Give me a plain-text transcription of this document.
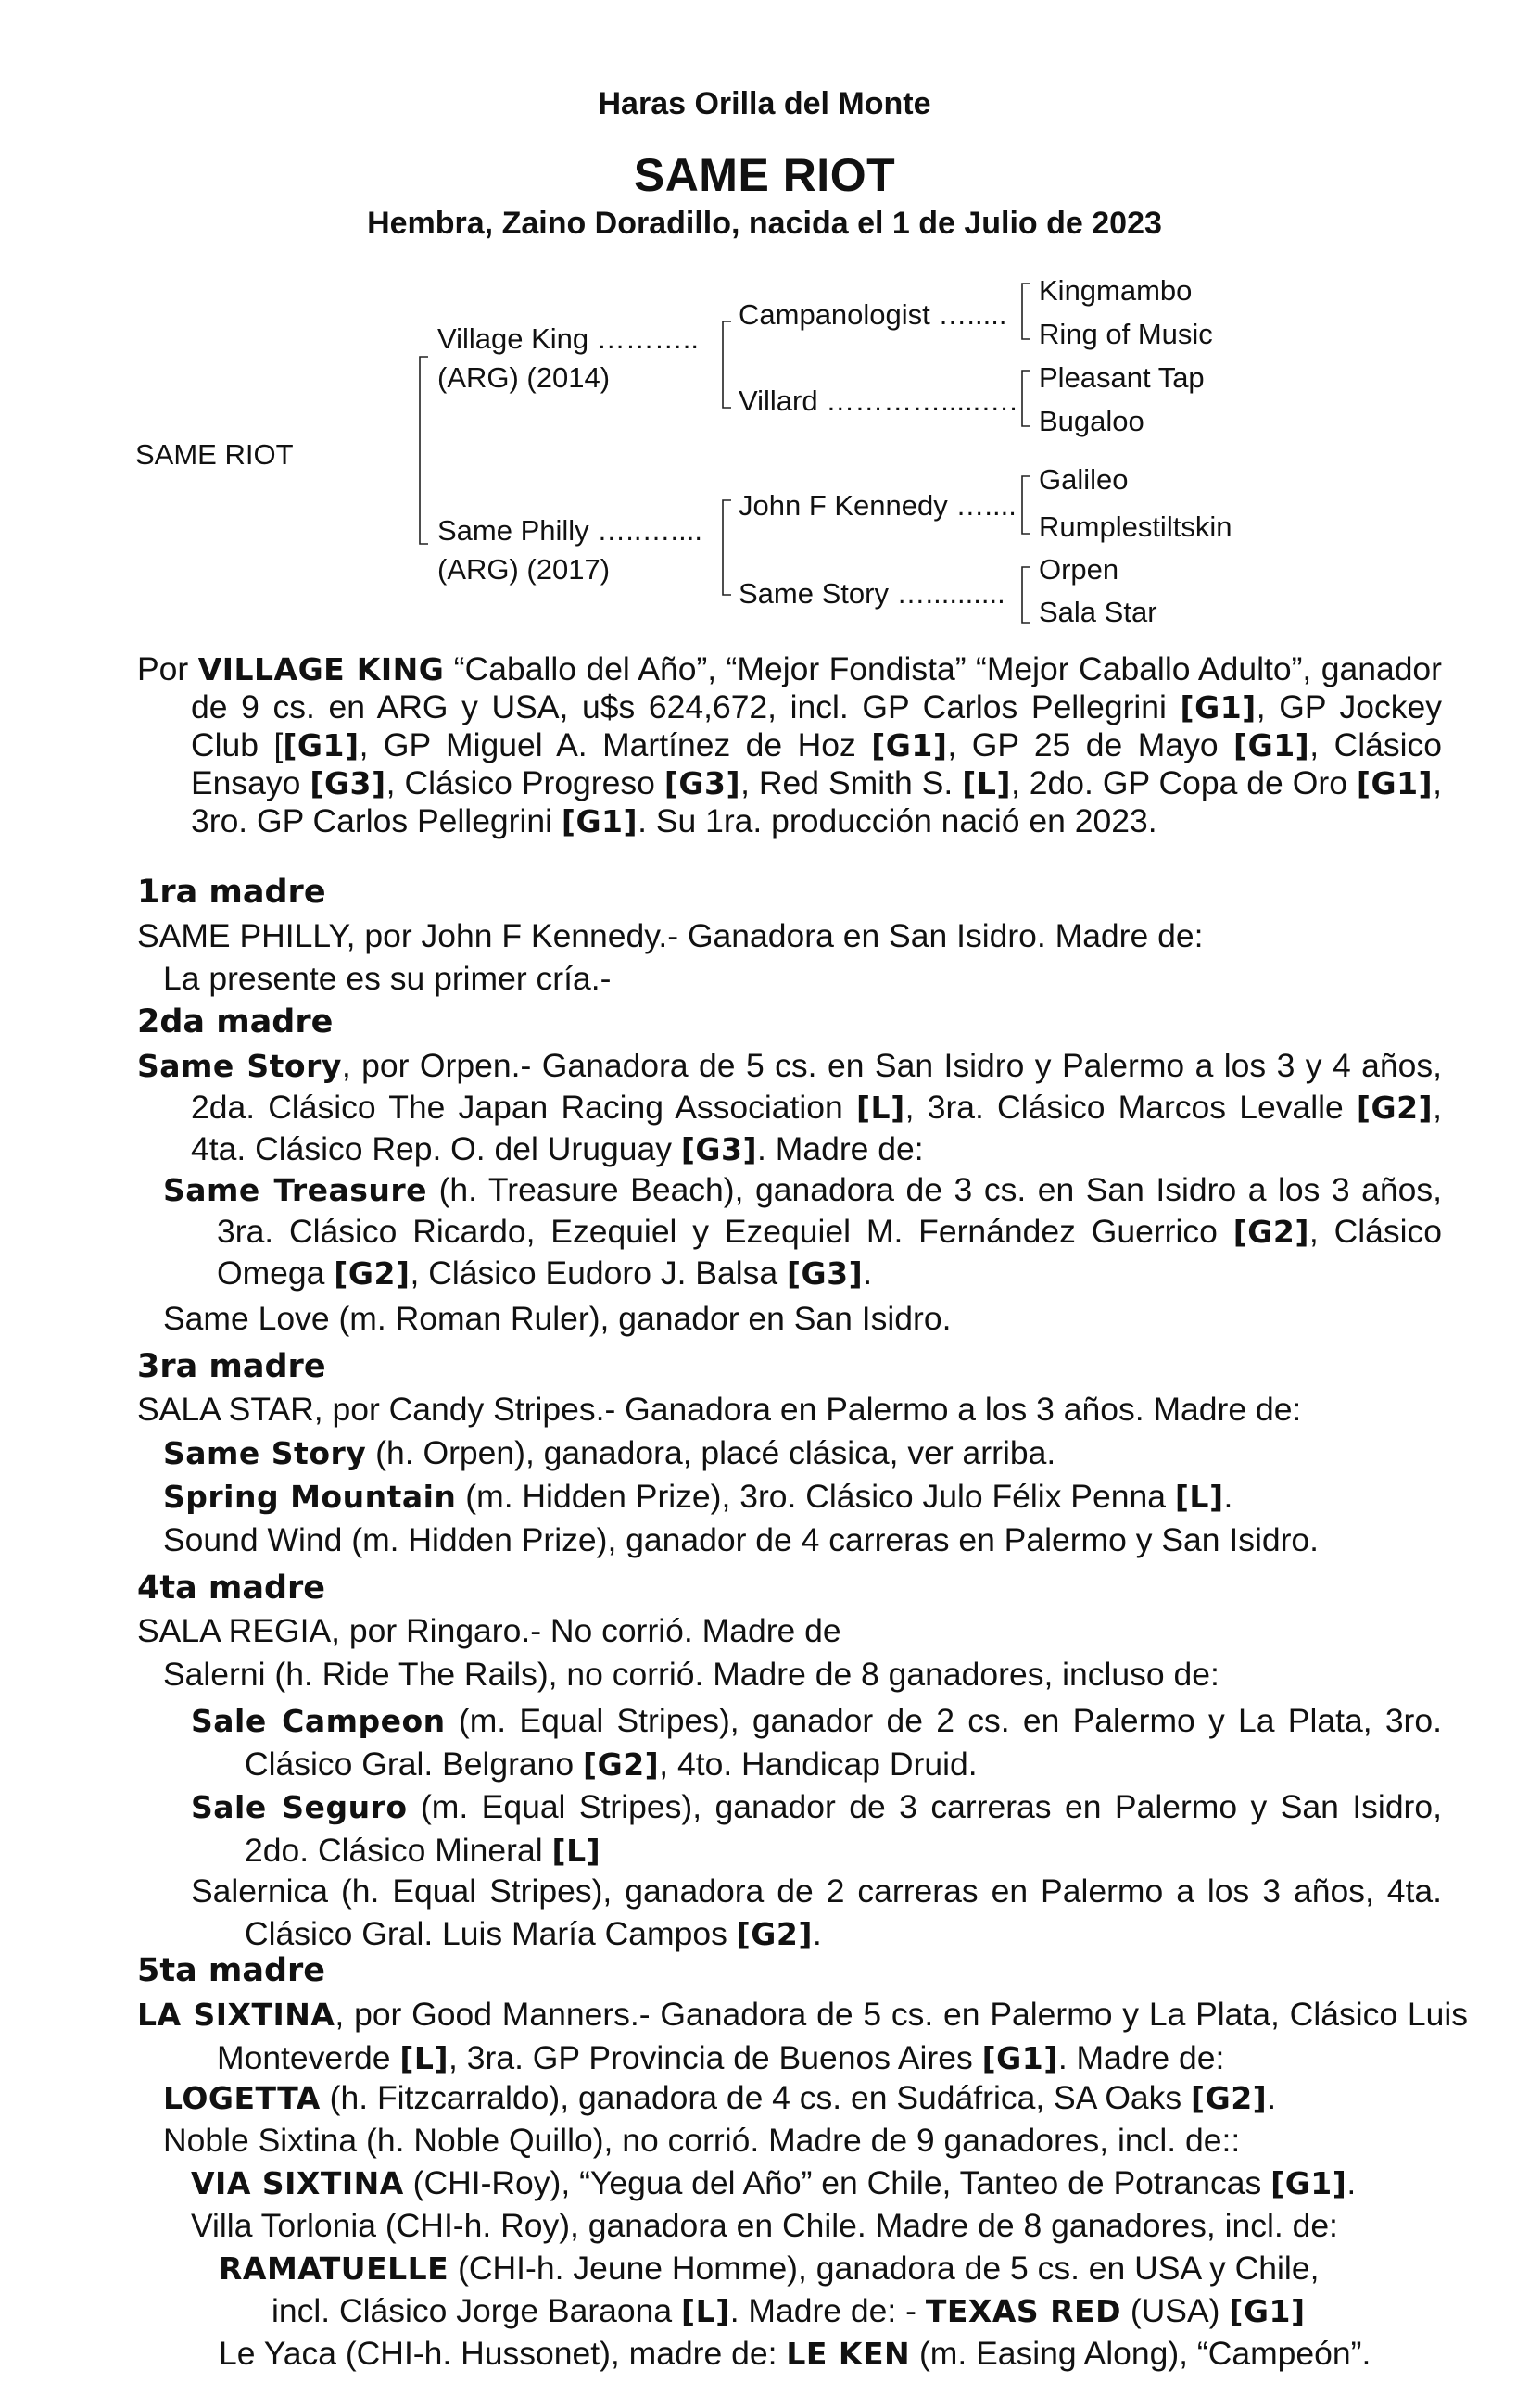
Haras Orilla del Monte
SAME RIOT
Hembra, Zaino Doradillo, nacida el 1 de Julio de 2023
SAME RIOT
Village King ………..
(ARG) (2014)
Same Philly …..…....
(ARG) (2017)
Campanologist ….....
Villard ………….....….
John F Kennedy …....
Same Story …..........
Kingmambo
Ring of Music
Pleasant Tap
Bugaloo
Galileo
Rumplestiltskin
Orpen
Sala Star
Por VILLAGE KING “Caballo del Año”, “Mejor Fondista” “Mejor Caballo Adulto”, ganador de 9 cs. en ARG y USA, u$s 624,672, incl. GP Carlos Pellegrini [G1], GP Jockey Club [[G1], GP Miguel A. Martínez de Hoz [G1], GP 25 de Mayo [G1], Clásico Ensayo [G3], Clásico Progreso [G3], Red Smith S. [L], 2do. GP Copa de Oro [G1], 3ro. GP Carlos Pellegrini [G1]. Su 1ra. producción nació en 2023.
1ra madre
SAME PHILLY, por John F Kennedy.- Ganadora en San Isidro. Madre de:
La presente es su primer cría.-
2da madre
Same Story, por Orpen.- Ganadora de 5 cs. en San Isidro y Palermo a los 3 y 4 años, 2da. Clásico The Japan Racing Association [L], 3ra. Clásico Marcos Levalle [G2], 4ta. Clásico Rep. O. del Uruguay [G3]. Madre de:
Same Treasure (h. Treasure Beach), ganadora de 3 cs. en San Isidro a los 3 años, 3ra. Clásico Ricardo, Ezequiel y Ezequiel M. Fernández Guerrico [G2], Clásico Omega [G2], Clásico Eudoro J. Balsa [G3].
Same Love (m. Roman Ruler), ganador en San Isidro.
3ra madre
SALA STAR, por Candy Stripes.- Ganadora en Palermo a los 3 años. Madre de:
Same Story (h. Orpen), ganadora, placé clásica, ver arriba.
Spring Mountain (m. Hidden Prize), 3ro. Clásico Julo Félix Penna [L].
Sound Wind (m. Hidden Prize), ganador de 4 carreras en Palermo y San Isidro.
4ta madre
SALA REGIA, por Ringaro.- No corrió. Madre de
Salerni (h. Ride The Rails), no corrió. Madre de 8 ganadores, incluso de:
Sale Campeon (m. Equal Stripes), ganador de 2 cs. en Palermo y La Plata, 3ro. Clásico Gral. Belgrano [G2], 4to. Handicap Druid.
Sale Seguro (m. Equal Stripes), ganador de 3 carreras en Palermo y San Isidro, 2do. Clásico Mineral [L]
Salernica (h. Equal Stripes), ganadora de 2 carreras en Palermo a los 3 años, 4ta. Clásico Gral. Luis María Campos [G2].
5ta madre
LA SIXTINA, por Good Manners.- Ganadora de 5 cs. en Palermo y La Plata, Clásico Luis Monteverde [L], 3ra. GP Provincia de Buenos Aires [G1]. Madre de:
LOGETTA (h. Fitzcarraldo), ganadora de 4 cs. en Sudáfrica, SA Oaks [G2].
Noble Sixtina (h. Noble Quillo), no corrió. Madre de 9 ganadores, incl. de::
VIA SIXTINA (CHI-Roy), “Yegua del Año” en Chile, Tanteo de Potrancas [G1].
Villa Torlonia (CHI-h. Roy), ganadora en Chile. Madre de 8 ganadores, incl. de:
RAMATUELLE (CHI-h. Jeune Homme), ganadora de 5 cs. en USA y Chile,
incl. Clásico Jorge Baraona [L]. Madre de: - TEXAS RED (USA) [G1]
Le Yaca (CHI-h. Hussonet), madre de: LE KEN (m. Easing Along), “Campeón”.
